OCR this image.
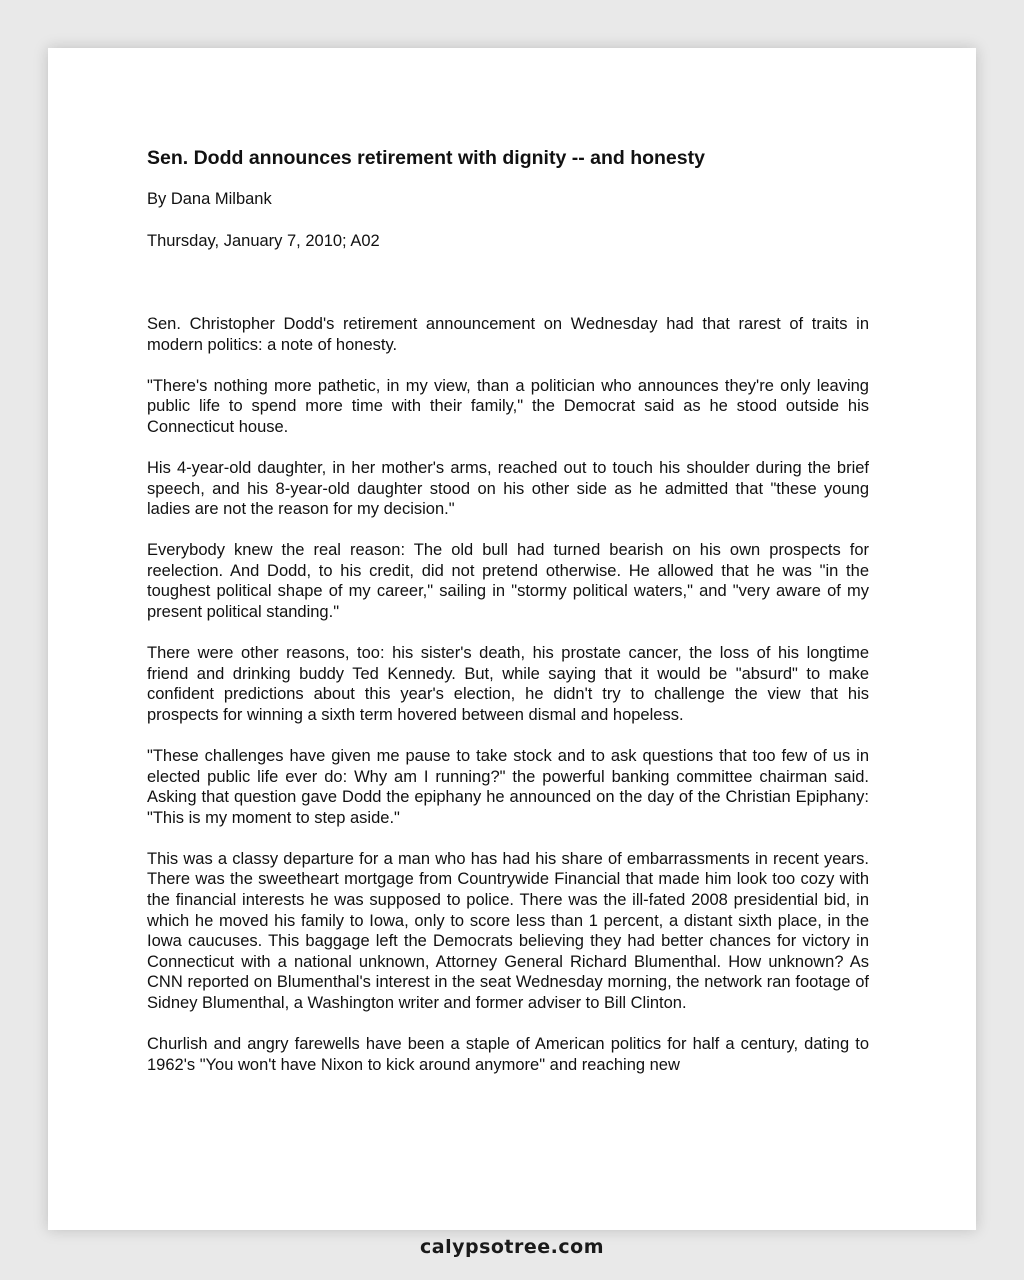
Sen. Dodd announces retirement with dignity -- and honesty

By Dana Milbank

Thursday, January 7, 2010; A02

Sen. Christopher Dodd's retirement announcement on Wednesday had that rarest of traits in modern politics: a note of honesty.

"There's nothing more pathetic, in my view, than a politician who announces they're only leaving public life to spend more time with their family," the Democrat said as he stood outside his Connecticut house.

His 4-year-old daughter, in her mother's arms, reached out to touch his shoulder during the brief speech, and his 8-year-old daughter stood on his other side as he admitted that "these young ladies are not the reason for my decision."

Everybody knew the real reason: The old bull had turned bearish on his own prospects for reelection. And Dodd, to his credit, did not pretend otherwise. He allowed that he was "in the toughest political shape of my career," sailing in "stormy political waters," and "very aware of my present political standing."

There were other reasons, too: his sister's death, his prostate cancer, the loss of his longtime friend and drinking buddy Ted Kennedy. But, while saying that it would be "absurd" to make confident predictions about this year's election, he didn't try to challenge the view that his prospects for winning a sixth term hovered between dismal and hopeless.

"These challenges have given me pause to take stock and to ask questions that too few of us in elected public life ever do: Why am I running?" the powerful banking committee chairman said. Asking that question gave Dodd the epiphany he announced on the day of the Christian Epiphany: "This is my moment to step aside."

This was a classy departure for a man who has had his share of embarrassments in recent years. There was the sweetheart mortgage from Countrywide Financial that made him look too cozy with the financial interests he was supposed to police. There was the ill-fated 2008 presidential bid, in which he moved his family to Iowa, only to score less than 1 percent, a distant sixth place, in the Iowa caucuses. This baggage left the Democrats believing they had better chances for victory in Connecticut with a national unknown, Attorney General Richard Blumenthal. How unknown? As CNN reported on Blumenthal's interest in the seat Wednesday morning, the network ran footage of Sidney Blumenthal, a Washington writer and former adviser to Bill Clinton.

Churlish and angry farewells have been a staple of American politics for half a century, dating to 1962's "You won't have Nixon to kick around anymore" and reaching new

calypsotree.com
